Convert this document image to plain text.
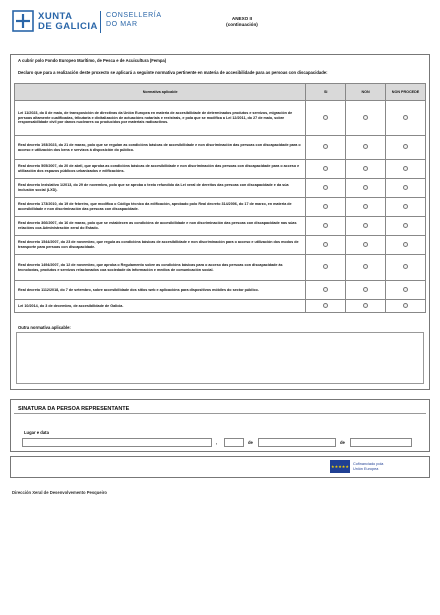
XUNTA
DE GALICIA
CONSELLERÍA
DO MAR
ANEXO II
(continuación)
A cubrir polo Fondo Europeo Marítimo, de Pesca e de Acuicultura (Fempa)
Declaro que para a realización deste proxecto se aplicará a seguinte normativa pertinente en materia de accesibilidade para as persoas con discapacidade:
Normativa aplicable	SI	NON	NON PROCEDE
Lei 11/2023, do 8 de maio, de transposición de directivas da Unión Europea en materia de accesibilidade de determinados produtos e servizos, migración de persoas altamente cualificadas, tributaria e dixitalización de actuacións notariais e rexistrais, e pola que se modifica a Lei 12/2011, do 27 de maio, sobre responsabilidade civil por danos nucleares ou producidos por materiais radioactivos.			
Real decreto 193/2023, do 21 de marzo, polo que se regulan as condicións básicas de accesibilidade e non discriminación das persoas con discapacidade para o acceso e utilización dos bens e servizos á disposición do público.			
Real decreto 505/2007, do 20 de abril, que aproba as condicións básicas de accesibilidade e non discriminación das persoas con discapacidade para o acceso e utilización dos espazos públicos urbanizados e edificacións.			
Real decreto lexislativo 1/2013, do 29 de novembro, polo que se aproba o texto refundido da Lei xeral de dereitos das persoas con discapacidade e da súa inclusión social (LXD).			
Real decreto 173/2010, do 19 de febreiro, que modifica o Código técnico da edificación, aprobado polo Real decreto 314/2006, do 17 de marzo, en materia de accesibilidade e non discriminación das persoas con discapacidade.			
Real decreto 366/2007, do 16 de marzo, polo que se establecen as condicións de accesibilidade e non discriminación das persoas con discapacidade nas súas relacións coa Administración xeral do Estado.			
Real decreto 1544/2007, do 23 de novembro, que regula as condicións básicas de accesibilidade e non discriminación para o acceso e utilización dos modos de transporte para persoas con discapacidade.			
Real decreto 1494/2007, do 12 de novembro, que aproba o Regulamento sobre as condicións básicas para o acceso das persoas con discapacidade ás tecnoloxías, produtos e servizos relacionados coa sociedade da información e medios de comunicación social.			
Real decreto 1112/2018, do 7 de setembro, sobre accesibilidade dos sitios web e aplicacións para dispositivos móbiles do sector público.			
Lei 10/2014, do 3 de decembro, de accesibilidade de Galicia.			
Outra normativa aplicable:
SINATURA DA PERSOA REPRESENTANTE
Lugar e data
,	de	de
★★★★★ Cofinanciado pola
Unión Europea
Dirección Xeral de Desenvolvemento Pesqueiro
